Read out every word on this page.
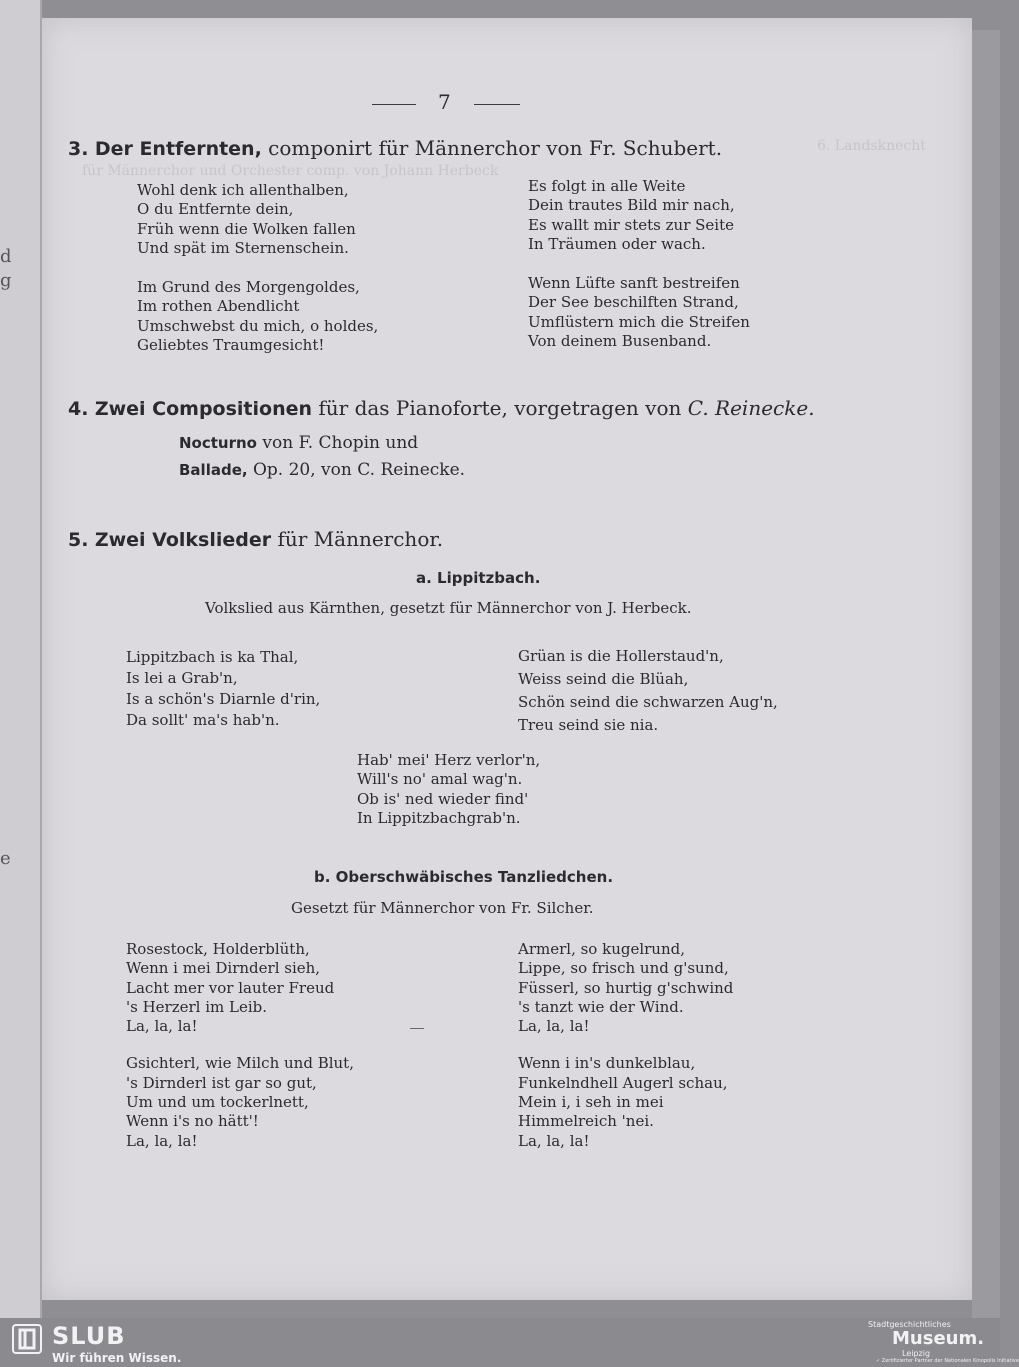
d
g
e
6. Landsknecht
für Männerchor und Orchester comp. von Johann Herbeck
7
3. Der Entfernten, componirt für Männerchor von Fr. Schubert.
Wohl denk ich allenthalben,
O du Entfernte dein,
Früh wenn die Wolken fallen
Und spät im Sternenschein.
Im Grund des Morgengoldes,
Im rothen Abendlicht
Umschwebst du mich, o holdes,
Geliebtes Traumgesicht!
Es folgt in alle Weite
Dein trautes Bild mir nach,
Es wallt mir stets zur Seite
In Träumen oder wach.
Wenn Lüfte sanft bestreifen
Der See beschilften Strand,
Umflüstern mich die Streifen
Von deinem Busenband.
4. Zwei Compositionen für das Pianoforte, vorgetragen von C. Reinecke.
Nocturno von F. Chopin und
Ballade, Op. 20, von C. Reinecke.
5. Zwei Volkslieder für Männerchor.
a. Lippitzbach.
Volkslied aus Kärnthen, gesetzt für Männerchor von J. Herbeck.
Lippitzbach is ka Thal,
Is lei a Grab'n,
Is a schön's Diarnle d'rin,
Da sollt' ma's hab'n.
Grüan is die Hollerstaud'n,
Weiss seind die Blüah,
Schön seind die schwarzen Aug'n,
Treu seind sie nia.
Hab' mei' Herz verlor'n,
Will's no' amal wag'n.
Ob is' ned wieder find'
In Lippitzbachgrab'n.
b. Oberschwäbisches Tanzliedchen.
Gesetzt für Männerchor von Fr. Silcher.
Rosestock, Holderblüth,
Wenn i mei Dirnderl sieh,
Lacht mer vor lauter Freud
's Herzerl im Leib.
La, la, la!
Gsichterl, wie Milch und Blut,
's Dirnderl ist gar so gut,
Um und um tockerlnett,
Wenn i's no hätt'!
La, la, la!
Armerl, so kugelrund,
Lippe, so frisch und g'sund,
Füsserl, so hurtig g'schwind
's tanzt wie der Wind.
La, la, la!
Wenn i in's dunkelblau,
Funkelndhell Augerl schau,
Mein i, i seh in mei
Himmelreich 'nei.
La, la, la!
SLUB
Wir führen Wissen.
Stadtgeschichtliches
Museum.
Leipzig
✓ Zertifizierter Partner der Nationalen Kinopolis Initiative
